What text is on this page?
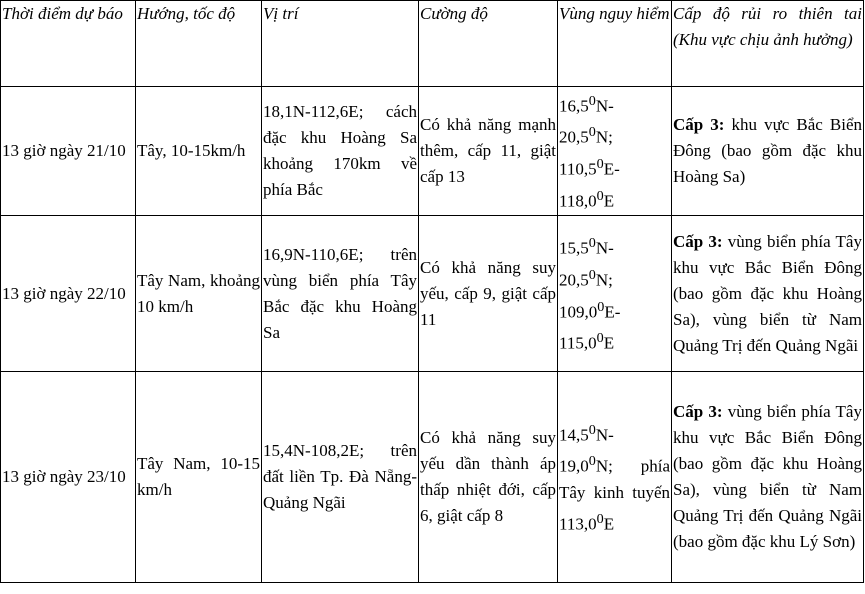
Thời điểm dự báo	Hướng, tốc độ	Vị trí	Cường độ	Vùng nguy hiểm	Cấp độ rủi ro thiên tai (Khu vực chịu ảnh hưởng)
13 giờ ngày 21/10	Tây, 10-15km/h	18,1N-112,6E; cách đặc khu Hoàng Sa khoảng 170km về phía Bắc	Có khả năng mạnh thêm, cấp 11, giật cấp 13	16,5$^0$N- 20,5$^0$N; 110,5$^0$E- 118,0$^0$E	Cấp 3: khu vực Bắc Biển Đông (bao gồm đặc khu Hoàng Sa)
13 giờ ngày 22/10	Tây Nam, khoảng 10 km/h	16,9N-110,6E; trên vùng biển phía Tây Bắc đặc khu Hoàng Sa	Có khả năng suy yếu, cấp 9, giật cấp 11	15,5$^0$N- 20,5$^0$N; 109,0$^0$E- 115,0$^0$E	Cấp 3: vùng biển phía Tây khu vực Bắc Biển Đông (bao gồm đặc khu Hoàng Sa), vùng biển từ Nam Quảng Trị đến Quảng Ngãi
13 giờ ngày 23/10	Tây Nam, 10-15 km/h	15,4N-108,2E; trên đất liền Tp. Đà Nẵng-Quảng Ngãi	Có khả năng suy yếu dần thành áp thấp nhiệt đới, cấp 6, giật cấp 8	14,5$^0$N- 19,0$^0$N; phía Tây kinh tuyến 113,0$^0$E	Cấp 3: vùng biển phía Tây khu vực Bắc Biển Đông (bao gồm đặc khu Hoàng Sa), vùng biển từ Nam Quảng Trị đến Quảng Ngãi (bao gồm đặc khu Lý Sơn)
